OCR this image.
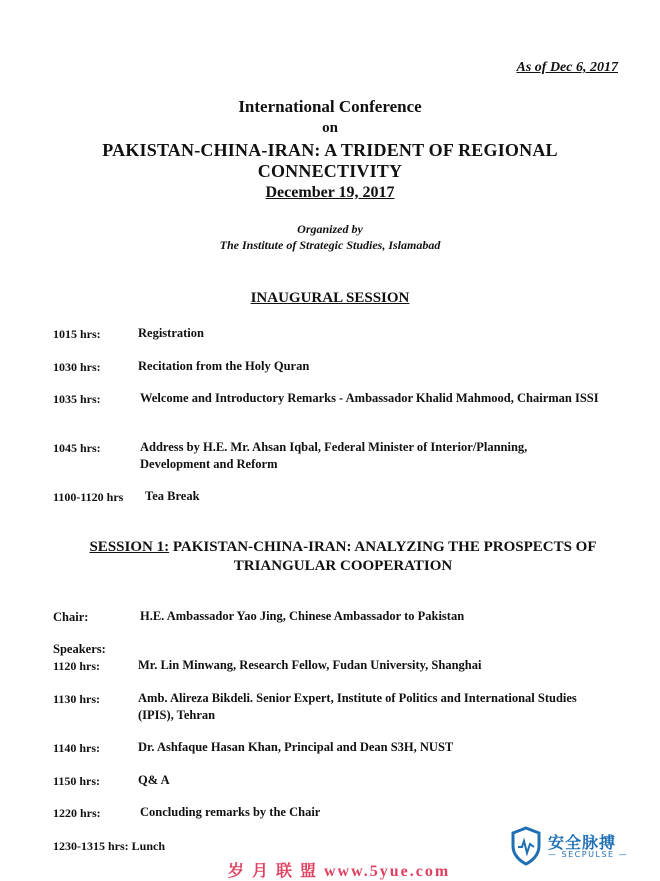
As of Dec 6, 2017
International Conference
on
PAKISTAN-CHINA-IRAN: A TRIDENT OF REGIONAL CONNECTIVITY
December 19, 2017
Organized by
The Institute of Strategic Studies, Islamabad
INAUGURAL SESSION
1015 hrs:	Registration
1030 hrs:	Recitation from the Holy Quran
1035 hrs:	Welcome and Introductory Remarks - Ambassador Khalid Mahmood, Chairman ISSI
1045 hrs:	Address by H.E. Mr. Ahsan Iqbal, Federal Minister of Interior/Planning, Development and Reform
1100-1120 hrs Tea Break
SESSION 1: PAKISTAN-CHINA-IRAN: ANALYZING THE PROSPECTS OF TRIANGULAR COOPERATION
Chair:	H.E. Ambassador Yao Jing, Chinese Ambassador to Pakistan
Speakers:
1120 hrs:	Mr. Lin Minwang, Research Fellow, Fudan University, Shanghai
1130 hrs:	Amb. Alireza Bikdeli. Senior Expert, Institute of Politics and International Studies (IPIS), Tehran
1140 hrs:	Dr. Ashfaque Hasan Khan, Principal and Dean S3H, NUST
1150 hrs:	Q& A
1220 hrs:	Concluding remarks by the Chair
1230-1315 hrs: Lunch
岁 月 联 盟 www.5yue.com
安全脉搏
— SECPULSE —
